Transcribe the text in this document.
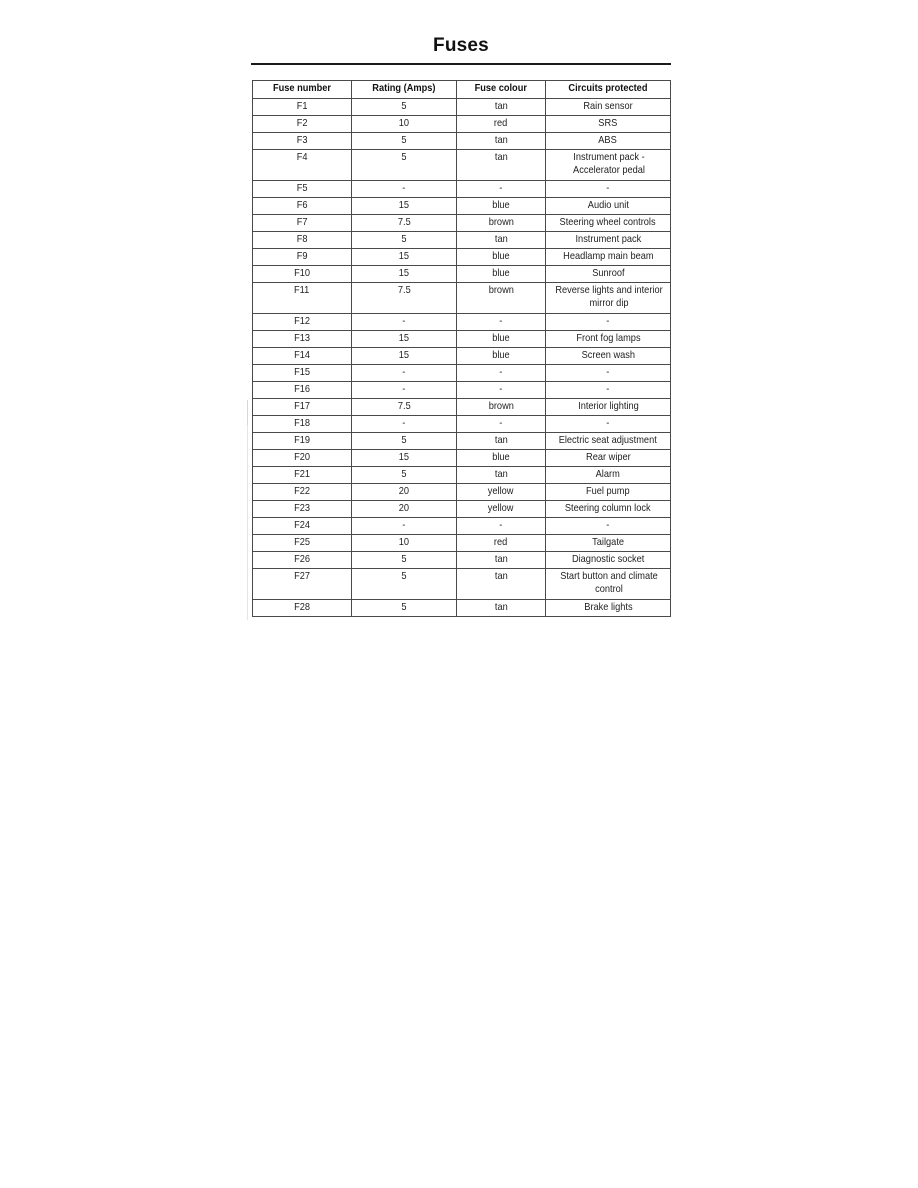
Fuses
Fuse number	Rating (Amps)	Fuse colour	Circuits protected
F1	5	tan	Rain sensor
F2	10	red	SRS
F3	5	tan	ABS
F4	5	tan	Instrument pack - Accelerator pedal
F5	-	-	-
F6	15	blue	Audio unit
F7	7.5	brown	Steering wheel controls
F8	5	tan	Instrument pack
F9	15	blue	Headlamp main beam
F10	15	blue	Sunroof
F11	7.5	brown	Reverse lights and interior mirror dip
F12	-	-	-
F13	15	blue	Front fog lamps
F14	15	blue	Screen wash
F15	-	-	-
F16	-	-	-
F17	7.5	brown	Interior lighting
F18	-	-	-
F19	5	tan	Electric seat adjustment
F20	15	blue	Rear wiper
F21	5	tan	Alarm
F22	20	yellow	Fuel pump
F23	20	yellow	Steering column lock
F24	-	-	-
F25	10	red	Tailgate
F26	5	tan	Diagnostic socket
F27	5	tan	Start button and climate control
F28	5	tan	Brake lights
